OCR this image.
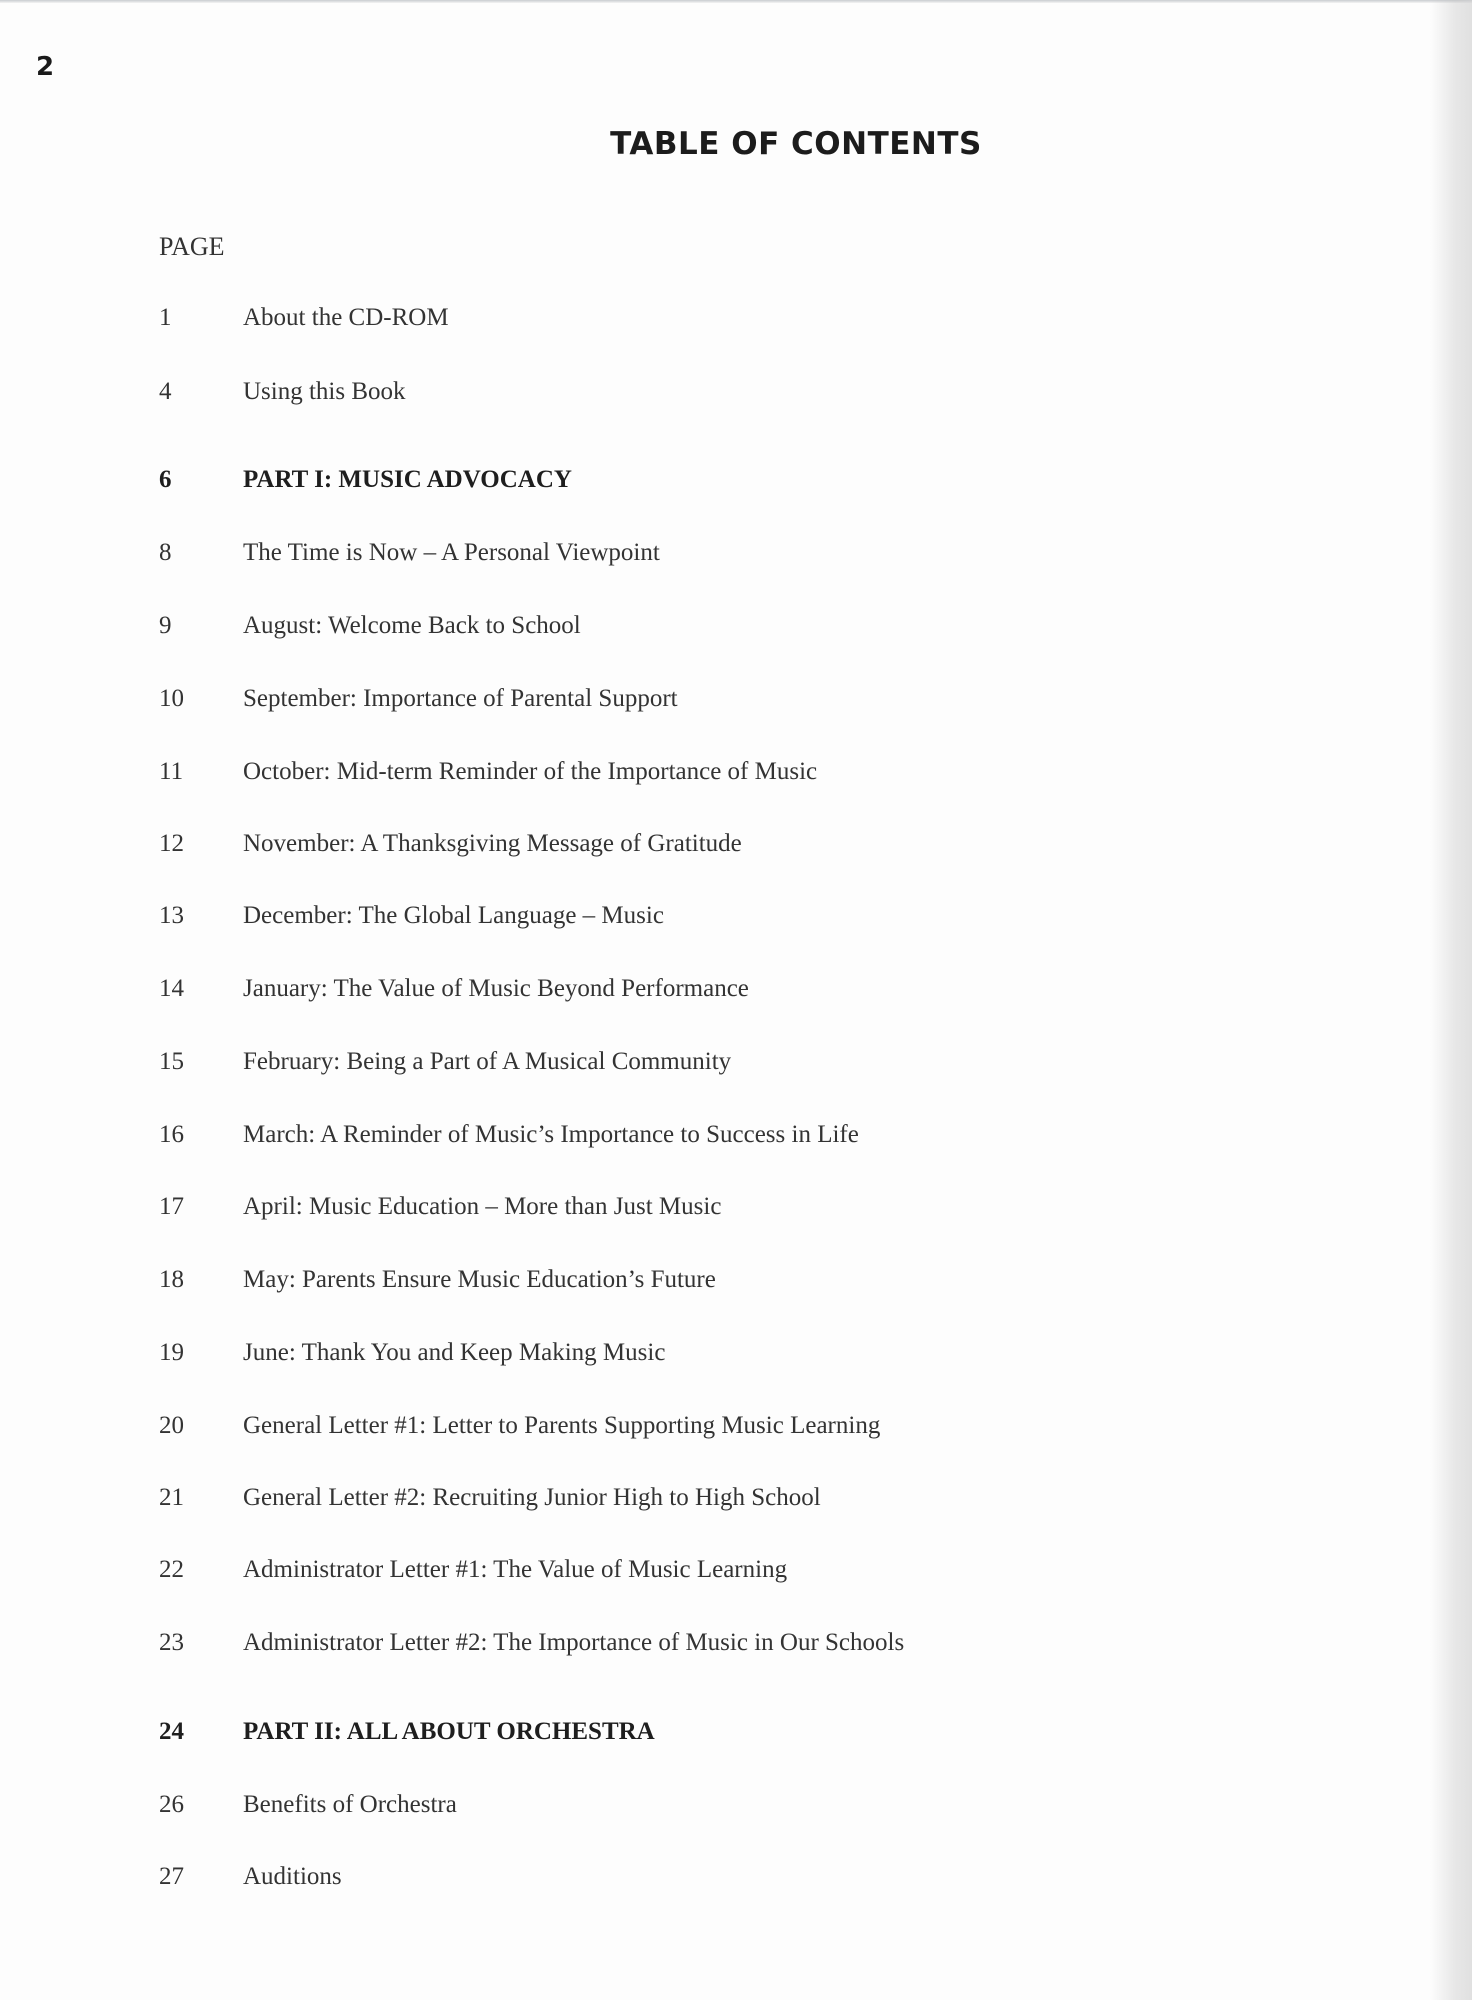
2
TABLE OF CONTENTS
PAGE
1	About the CD-ROM
4	Using this Book
6	PART I: MUSIC ADVOCACY
8	The Time is Now – A Personal Viewpoint
9	August: Welcome Back to School
10	September: Importance of Parental Support
11	October: Mid-term Reminder of the Importance of Music
12	November: A Thanksgiving Message of Gratitude
13	December: The Global Language – Music
14	January: The Value of Music Beyond Performance
15	February: Being a Part of A Musical Community
16	March: A Reminder of Music’s Importance to Success in Life
17	April: Music Education – More than Just Music
18	May: Parents Ensure Music Education’s Future
19	June: Thank You and Keep Making Music
20	General Letter #1: Letter to Parents Supporting Music Learning
21	General Letter #2: Recruiting Junior High to High School
22	Administrator Letter #1: The Value of Music Learning
23	Administrator Letter #2: The Importance of Music in Our Schools
24	PART II: ALL ABOUT ORCHESTRA
26	Benefits of Orchestra
27	Auditions
